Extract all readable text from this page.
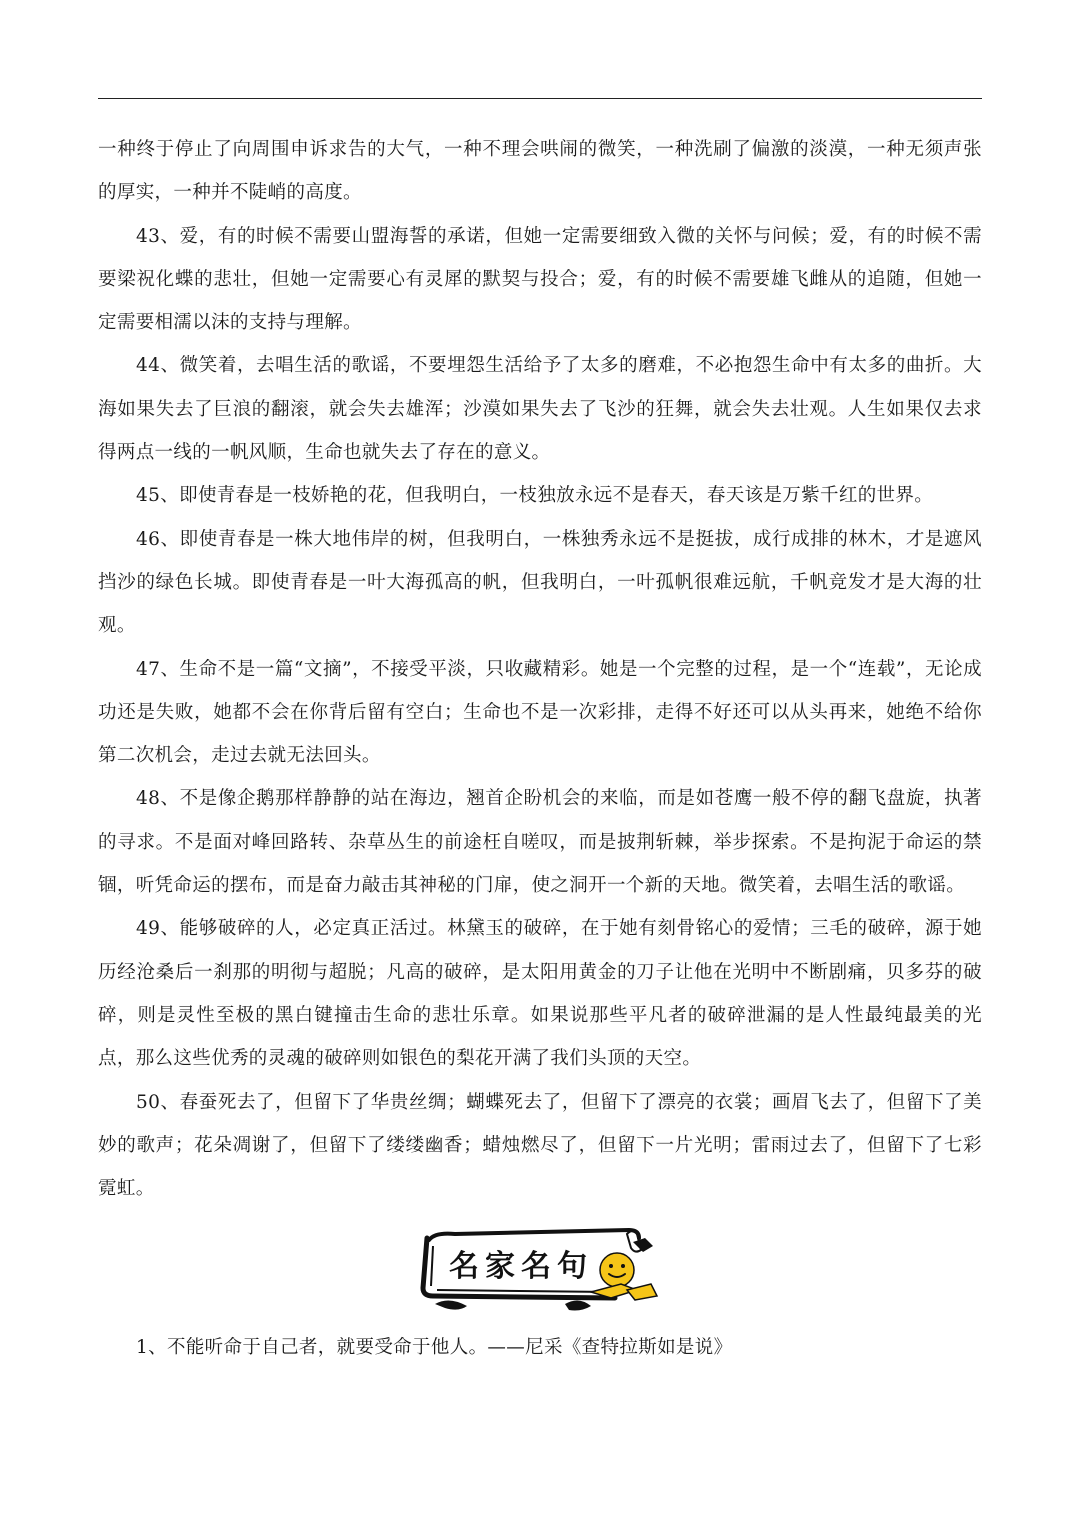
一种终于停止了向周围申诉求告的大气，一种不理会哄闹的微笑，一种洗刷了偏激的淡漠，一种无须声张的厚实，一种并不陡峭的高度。

43、爱，有的时候不需要山盟海誓的承诺，但她一定需要细致入微的关怀与问候；爱，有的时候不需要梁祝化蝶的悲壮，但她一定需要心有灵犀的默契与投合；爱，有的时候不需要雄飞雌从的追随，但她一定需要相濡以沫的支持与理解。

44、微笑着，去唱生活的歌谣，不要埋怨生活给予了太多的磨难，不必抱怨生命中有太多的曲折。大海如果失去了巨浪的翻滚，就会失去雄浑；沙漠如果失去了飞沙的狂舞，就会失去壮观。人生如果仅去求得两点一线的一帆风顺，生命也就失去了存在的意义。

45、即使青春是一枝娇艳的花，但我明白，一枝独放永远不是春天，春天该是万紫千红的世界。

46、即使青春是一株大地伟岸的树，但我明白，一株独秀永远不是挺拔，成行成排的林木，才是遮风挡沙的绿色长城。即使青春是一叶大海孤高的帆，但我明白，一叶孤帆很难远航，千帆竞发才是大海的壮观。

47、生命不是一篇“文摘”，不接受平淡，只收藏精彩。她是一个完整的过程，是一个“连载”，无论成功还是失败，她都不会在你背后留有空白；生命也不是一次彩排，走得不好还可以从头再来，她绝不给你第二次机会，走过去就无法回头。

48、不是像企鹅那样静静的站在海边，翘首企盼机会的来临，而是如苍鹰一般不停的翻飞盘旋，执著的寻求。不是面对峰回路转、杂草丛生的前途枉自嗟叹，而是披荆斩棘，举步探索。不是拘泥于命运的禁锢，听凭命运的摆布，而是奋力敲击其神秘的门扉，使之洞开一个新的天地。微笑着，去唱生活的歌谣。

49、能够破碎的人，必定真正活过。林黛玉的破碎，在于她有刻骨铭心的爱情；三毛的破碎，源于她历经沧桑后一刹那的明彻与超脱；凡高的破碎，是太阳用黄金的刀子让他在光明中不断剧痛，贝多芬的破碎，则是灵性至极的黑白键撞击生命的悲壮乐章。如果说那些平凡者的破碎泄漏的是人性最纯最美的光点，那么这些优秀的灵魂的破碎则如银色的梨花开满了我们头顶的天空。

50、春蚕死去了，但留下了华贵丝绸；蝴蝶死去了，但留下了漂亮的衣裳；画眉飞去了，但留下了美妙的歌声；花朵凋谢了，但留下了缕缕幽香；蜡烛燃尽了，但留下一片光明；雷雨过去了，但留下了七彩霓虹。

名家名句

1、不能听命于自己者，就要受命于他人。——尼采《查特拉斯如是说》
